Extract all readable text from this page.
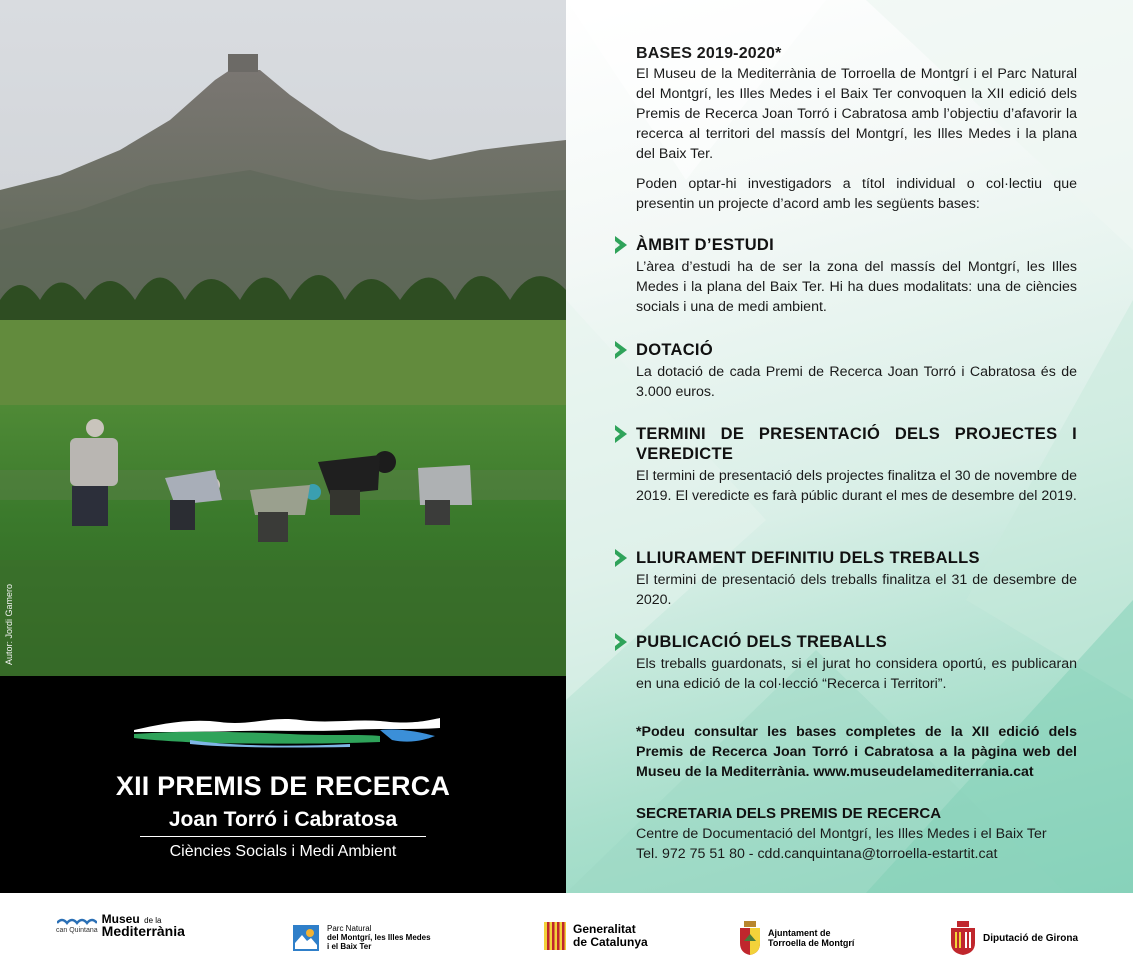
Autor: Jordi Gamero
XII PREMIS DE RECERCA
Joan Torró i Cabratosa
Ciències Socials i Medi Ambient
BASES 2019-2020*

El Museu de la Mediterrània de Torroella de Montgrí i el Parc Natural del Montgrí, les Illes Medes i el Baix Ter convoquen la XII edició dels Premis de Recerca Joan Torró i Cabratosa amb l’objectiu d’afavorir la recerca al territori del massís del Montgrí, les Illes Medes i la plana del Baix Ter.

Poden optar-hi investigadors a títol individual o col·lectiu que presentin un projecte d’acord amb les següents bases:

ÀMBIT D’ESTUDI

L’àrea d’estudi ha de ser la zona del massís del Montgrí, les Illes Medes i la plana del Baix Ter. Hi ha dues modalitats: una de ciències socials i una de medi ambient.

DOTACIÓ

La dotació de cada Premi de Recerca Joan Torró i Cabratosa és de 3.000 euros.

TERMINI DE PRESENTACIÓ DELS PROJECTES I VEREDICTE

El termini de presentació dels projectes finalitza el 30 de novembre de 2019. El veredicte es farà públic durant el mes de desembre del 2019.

LLIURAMENT DEFINITIU DELS TREBALLS

El termini de presentació dels treballs finalitza el 31 de desembre de 2020.

PUBLICACIÓ DELS TREBALLS

Els treballs guardonats, si el jurat ho considera oportú, es publicaran en una edició de la col·lecció “Recerca i Territori”.

*Podeu consultar les bases completes de la XII edició dels Premis de Recerca Joan Torró i Cabratosa a la pàgina web del Museu de la Mediterrània. www.museudelamediterrania.cat
SECRETARIA DELS PREMIS DE RECERCA
Centre de Documentació del Montgrí, les Illes Medes i el Baix Ter
Tel. 972 75 51 80 - cdd.canquintana@torroella-estartit.cat
can Quintana
Museu de la
Mediterrània	Parc Natural
del Montgrí, les Illes Medes
i el Baix Ter
Generalitat
de Catalunya
Ajuntament de
Torroella de Montgrí	Diputació de Girona
